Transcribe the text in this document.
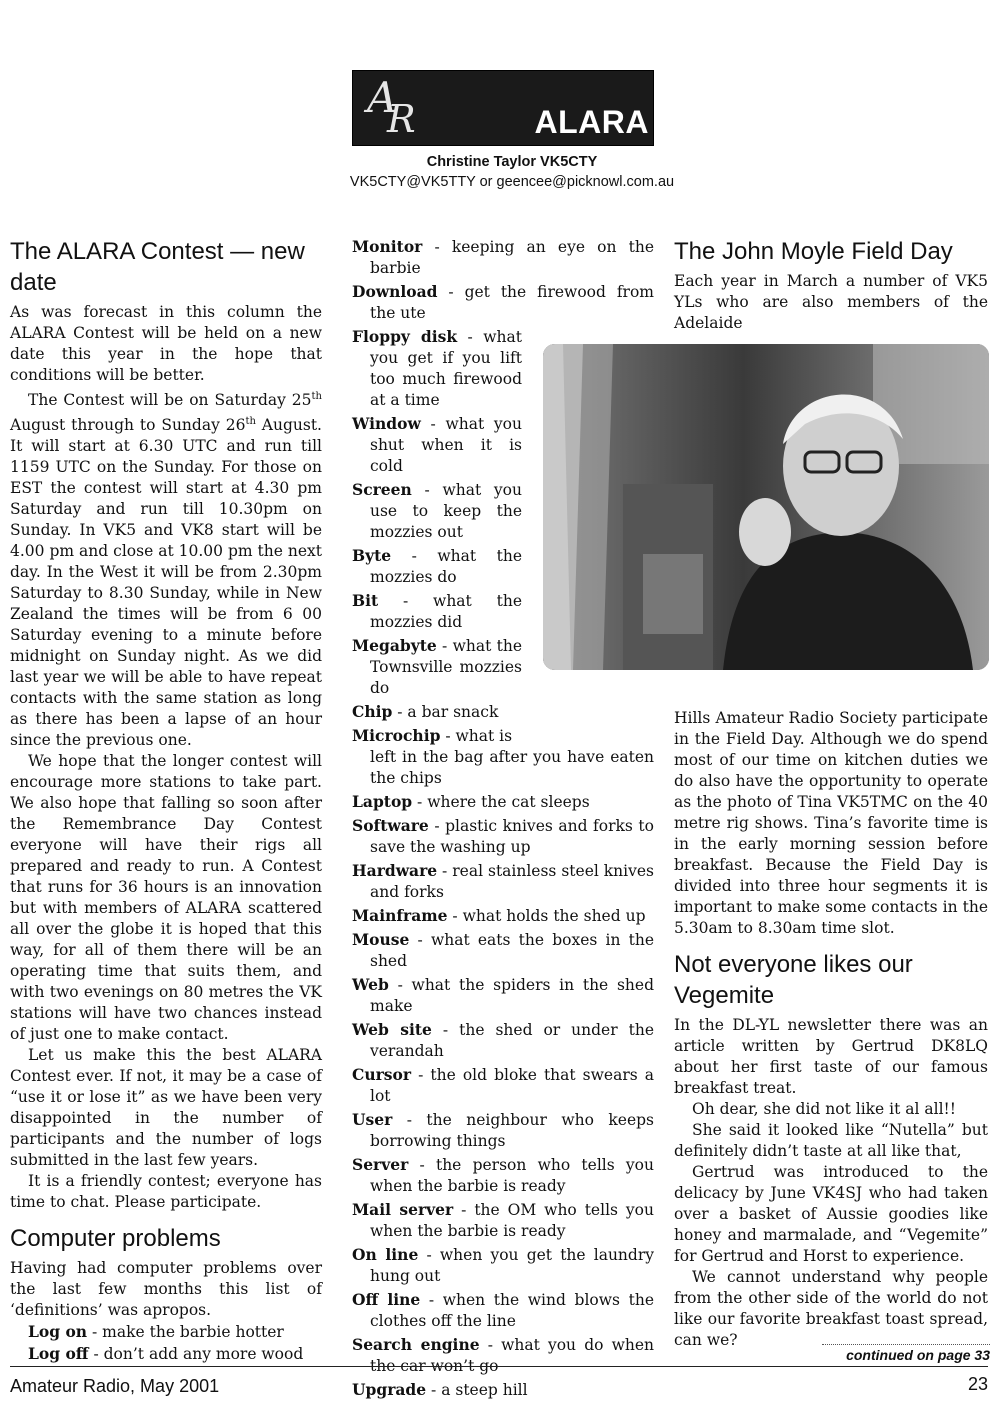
A
R	ALARA
Christine Taylor VK5CTY
VK5CTY@VK5TTY or geencee@picknowl.com.au
The ALARA Contest — new date

As was forecast in this column the ALARA Contest will be held on a new date this year in the hope that conditions will be better.

The Contest will be on Saturday 25th August through to Sunday 26th August. It will start at 6.30 UTC and run till 1159 UTC on the Sunday. For those on EST the contest will start at 4.30 pm Saturday and run till 10.30pm on Sunday. In VK5 and VK8 start will be 4.00 pm and close at 10.00 pm the next day. In the West it will be from 2.30pm Saturday to 8.30 Sunday, while in New Zealand the times will be from 6 00 Saturday evening to a minute before midnight on Sunday night. As we did last year we will be able to have repeat contacts with the same station as long as there has been a lapse of an hour since the previous one.

We hope that the longer contest will encourage more stations to take part. We also hope that falling so soon after the Remembrance Day Contest everyone will have their rigs all prepared and ready to run. A Contest that runs for 36 hours is an innovation but with members of ALARA scattered all over the globe it is hoped that this way, for all of them there will be an operating time that suits them, and with two evenings on 80 metres the VK stations will have two chances instead of just one to make contact.

Let us make this the best ALARA Contest ever. If not, it may be a case of “use it or lose it” as we have been very disappointed in the number of participants and the number of logs submitted in the last few years.

It is a friendly contest; everyone has time to chat. Please participate.

Computer problems

Having had computer problems over the last few months this list of ‘definitions’ was apropos.

Log on - make the barbie hotter

Log off - don’t add any more wood

Monitor - keeping an eye on the barbie

Download - get the firewood from the ute

Floppy disk - what you get if you lift too much firewood at a time

Window - what you shut when it is cold

Screen - what you use to keep the mozzies out

Byte - what the mozzies do

Bit - what the mozzies did

Megabyte - what the Townsville mozzies do

Chip - a bar snack

Microchip - what is

left in the bag after you have eaten the chips

Laptop - where the cat sleeps

Software - plastic knives and forks to save the washing up

Hardware - real stainless steel knives and forks

Mainframe - what holds the shed up

Mouse - what eats the boxes in the shed

Web - what the spiders in the shed make

Web site - the shed or under the verandah

Cursor - the old bloke that swears a lot

User - the neighbour who keeps borrowing things

Server - the person who tells you when the barbie is ready

Mail server - the OM who tells you when the barbie is ready

On line - when you get the laundry hung out

Off line - when the wind blows the clothes off the line

Search engine - what you do when the car won’t go

Upgrade - a steep hill

The John Moyle Field Day

Each year in March a number of VK5 YLs who are also members of the Adelaide

Hills Amateur Radio Society participate in the Field Day. Although we do spend most of our time on kitchen duties we do also have the opportunity to operate as the photo of Tina VK5TMC on the 40 metre rig shows. Tina’s favorite time is in the early morning session before breakfast. Because the Field Day is divided into three hour segments it is important to make some contacts in the 5.30am to 8.30am time slot.

Not everyone likes our Vegemite

In the DL-YL newsletter there was an article written by Gertrud DK8LQ about her first taste of our famous breakfast treat.

Oh dear, she did not like it al all!!

She said it looked like “Nutella” but definitely didn’t taste at all like that,

Gertrud was introduced to the delicacy by June VK4SJ who had taken over a basket of Aussie goodies like honey and marmalade, and “Vegemite” for Gertrud and Horst to experience.

We cannot understand why people from the other side of the world do not like our favorite breakfast toast spread, can we?

continued on page 33
Amateur Radio, May 2001	23
